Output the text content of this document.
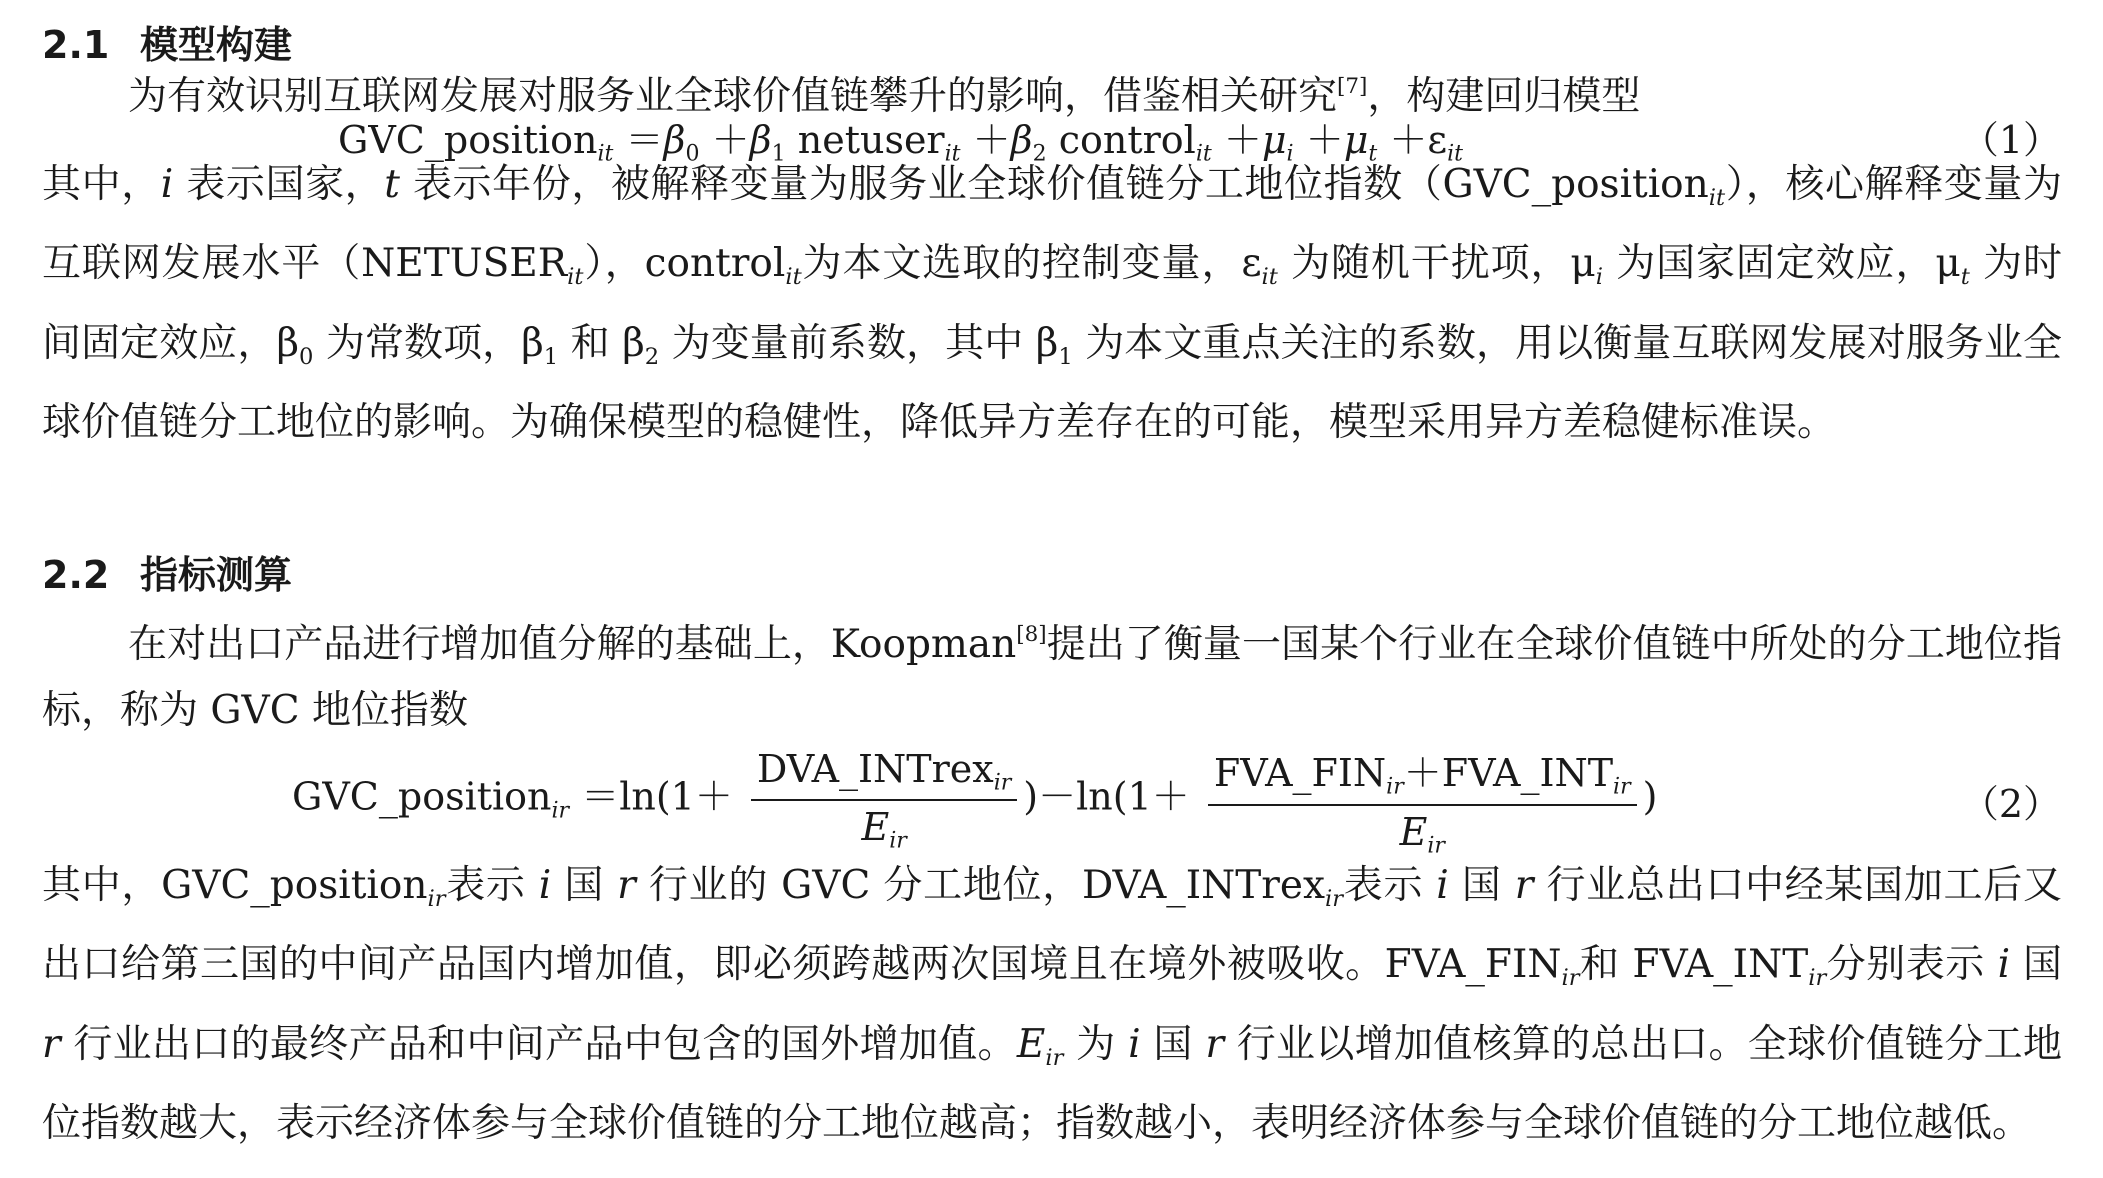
2.1 模型构建

为有效识别互联网发展对服务业全球价值链攀升的影响，借鉴相关研究[7]，构建回归模型

GVC_position$_{it}$ $=\beta_0 +\beta_1$ netuser$_{it}$ $+\beta_2$ control$_{it}$ $+\mu_i +\mu_t +\varepsilon_{it}$	（1）

其中，i 表示国家，t 表示年份，被解释变量为服务业全球价值链分工地位指数（GVC_position$_{it}$），核心解释变量为互联网发展水平$(NETUSER_{it})$，control$_{it}$为本文选取的控制变量，$\varepsilon_{it}$ 为随机干扰项，$\mu_i$ 为国家固定效应，$\mu_t$ 为时间固定效应，$\beta_0$ 为常数项，$\beta_1$ 和 $\beta_2$ 为变量前系数，其中 $\beta_1$ 为本文重点关注的系数，用以衡量互联网发展对服务业全球价值链分工地位的影响。为确保模型的稳健性，降低异方差存在的可能，模型采用异方差稳健标准误。

2.2 指标测算

在对出口产品进行增加值分解的基础上，Koopman[8]提出了衡量一国某个行业在全球价值链中所处的分工地位指标，称为 GVC 地位指数

GVC_position$_{ir}$ $=\ln(1+ \frac{DVA\_INTrex_{ir}}{E_{ir}} )-\ln(1+ \frac{FVA\_FIN_{ir}+FVA\_INT_{ir}}{E_{ir}}$ )	（2）

其中，GVC_position$_{ir}$表示 i 国 r 行业的 GVC 分工地位，DVA_INTrex$_{ir}$表示 i 国 r 行业总出口中经某国加工后又出口给第三国的中间产品国内增加值，即必须跨越两次国境且在境外被吸收。$FVA\_FIN_{ir}$和 $FVA\_INT_{ir}$分别表示 i 国 r 行业出口的最终产品和中间产品中包含的国外增加值。$E_{ir}$ 为 i 国 r 行业以增加值核算的总出口。全球价值链分工地位指数越大，表示经济体参与全球价值链的分工地位越高；指数越小，表明经济体参与全球价值链的分工地位越低。
